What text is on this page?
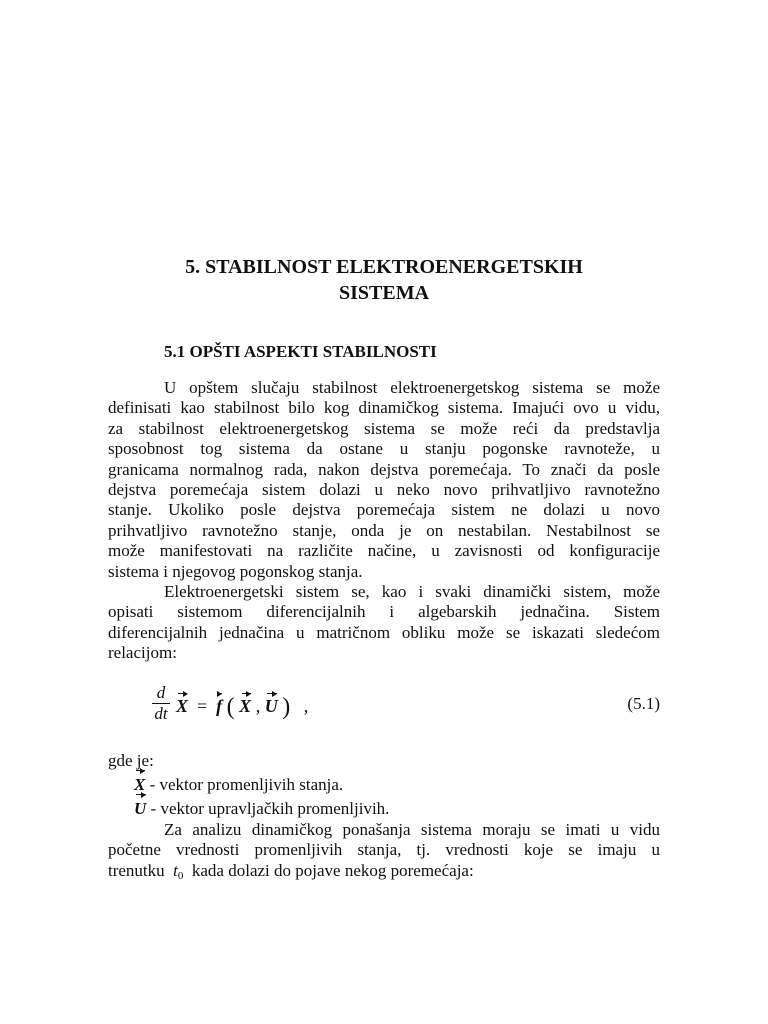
5. STABILNOST ELEKTROENERGETSKIH
SISTEMA
5.1 OPŠTI ASPEKTI STABILNOSTI
U opštem slučaju stabilnost elektroenergetskog sistema se može
definisati kao stabilnost bilo kog dinamičkog sistema. Imajući ovo u vidu,
za stabilnost elektroenergetskog sistema se može reći da predstavlja
sposobnost tog sistema da ostane u stanju pogonske ravnoteže, u
granicama normalnog rada, nakon dejstva poremećaja. To znači da posle
dejstva poremećaja sistem dolazi u neko novo prihvatljivo ravnotežno
stanje. Ukoliko posle dejstva poremećaja sistem ne dolazi u novo
prihvatljivo ravnotežno stanje, onda je on nestabilan. Nestabilnost se
može manifestovati na različite načine, u zavisnosti od konfiguracije
sistema i njegovog pogonskog stanja.
Elektroenergetski sistem se, kao i svaki dinamički sistem, može
opisati sistemom diferencijalnih i algebarskih jednačina. Sistem
diferencijalnih jednačina u matričnom obliku može se iskazati sledećom
relacijom:
d
dt X = f ( X , U ) ,	(5.1)
gde je:
X - vektor promenljivih stanja.
U - vektor upravljačkih promenljivih.
Za analizu dinamičkog ponašanja sistema moraju se imati u vidu
početne vrednosti promenljivih stanja, tj. vrednosti koje se imaju u
trenutku $t_0$ kada dolazi do pojave nekog poremećaja:
